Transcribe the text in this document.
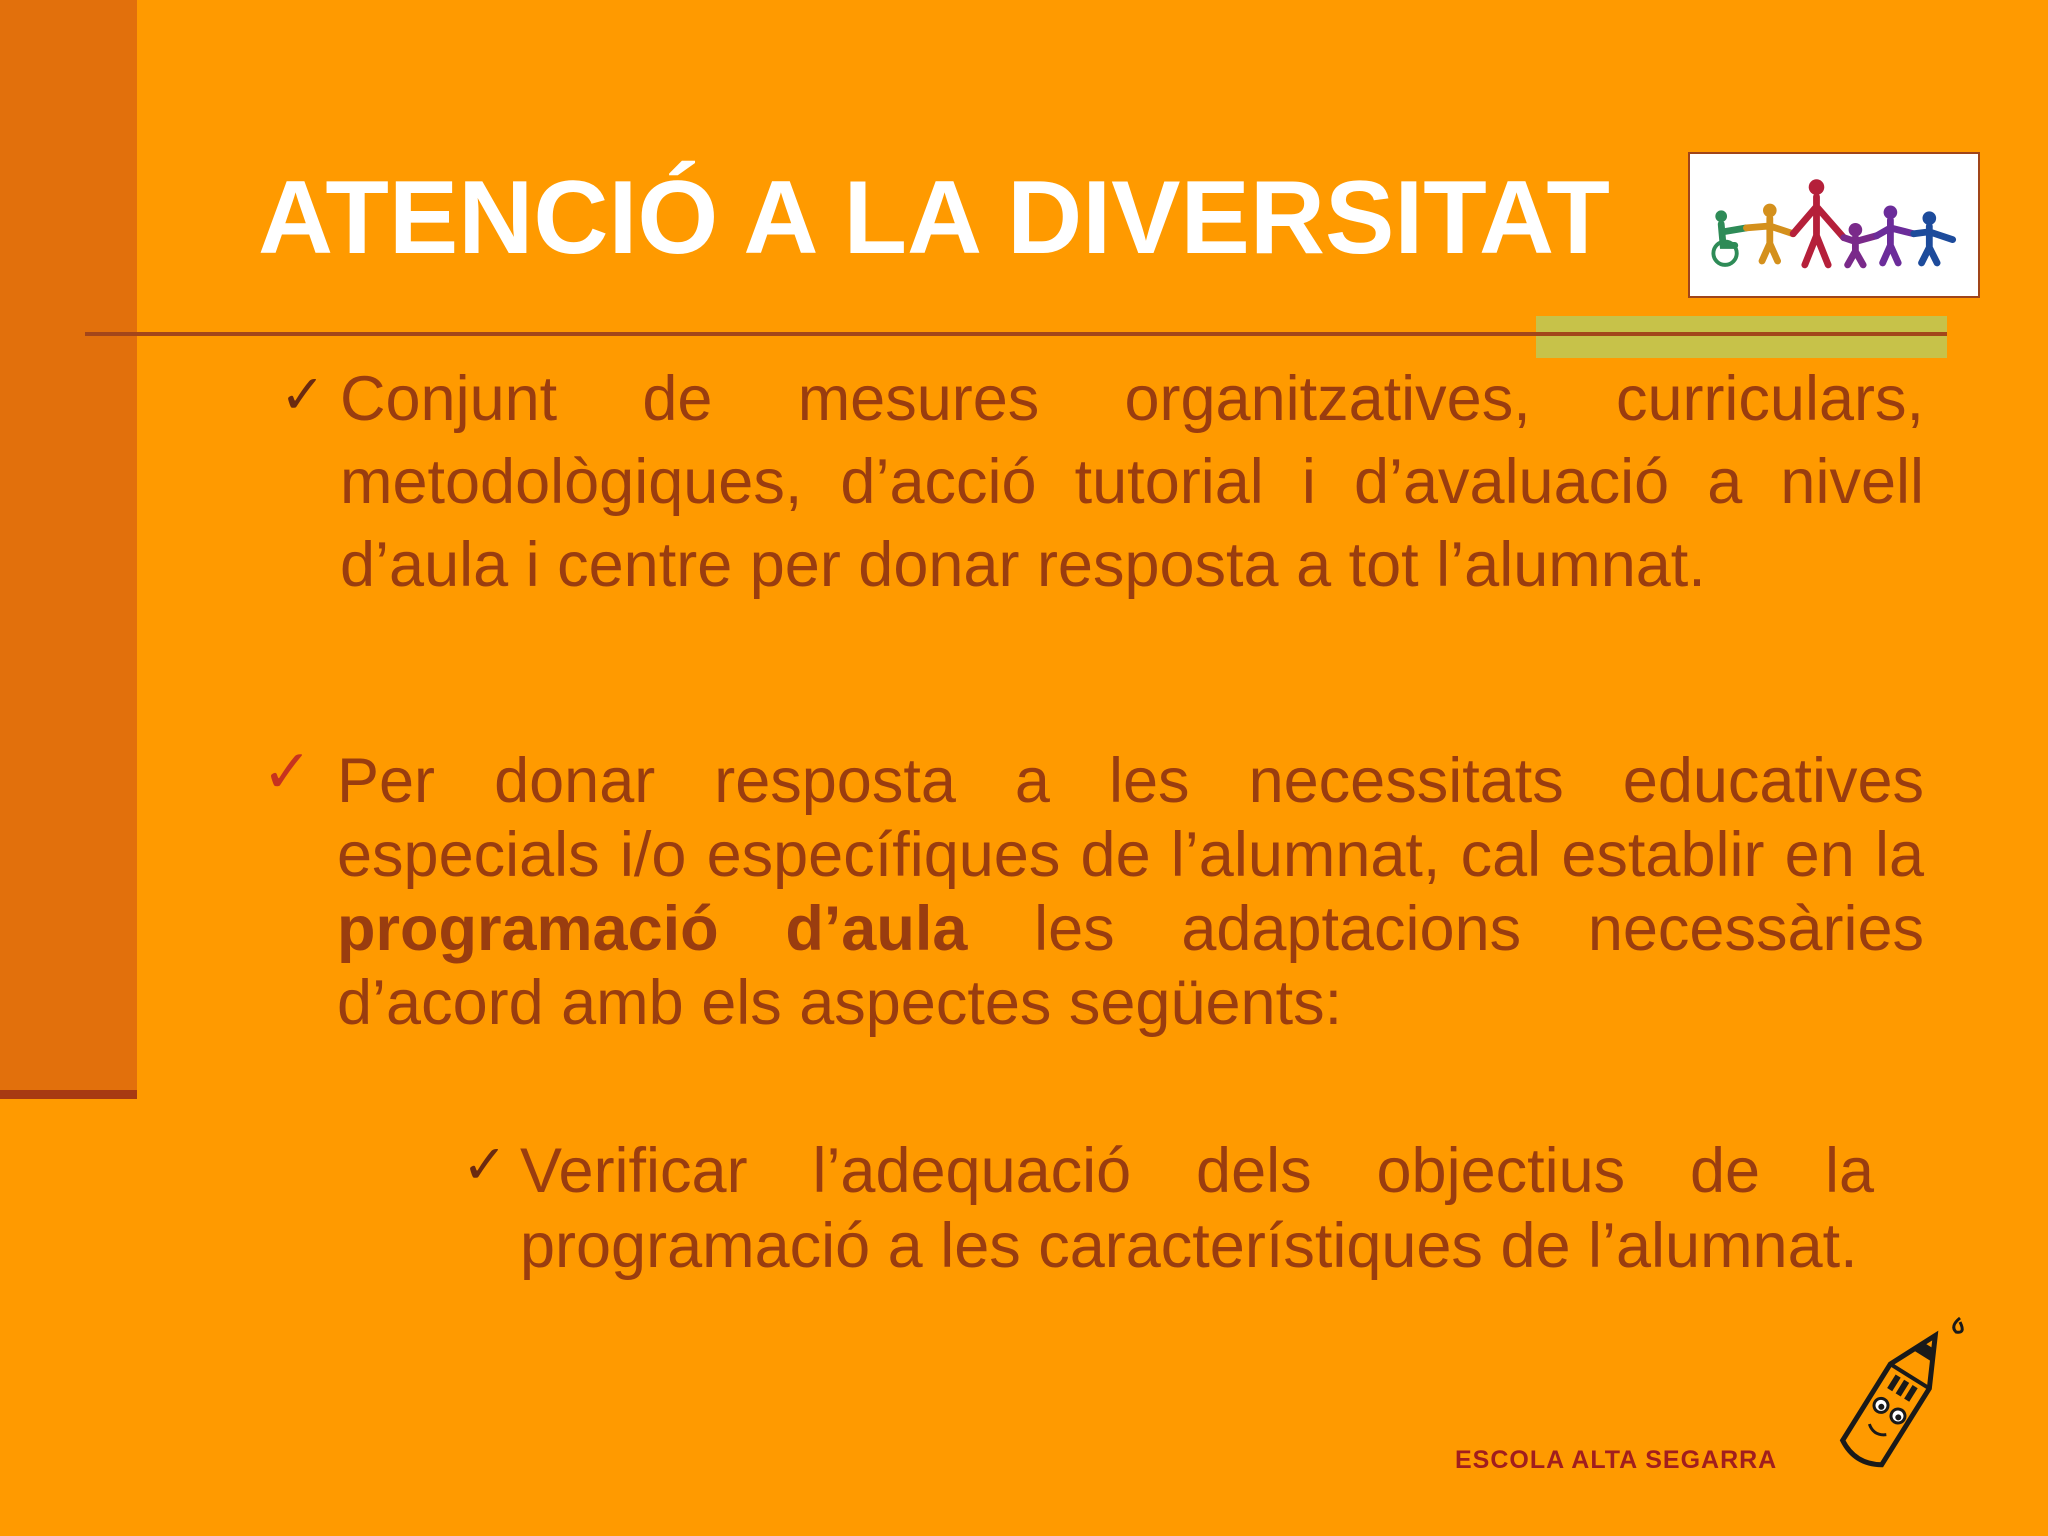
ATENCIÓ A LA DIVERSITAT
✓ Conjunt de mesures organitzatives, curriculars, metodològiques, d’acció tutorial i d’avaluació a nivell d’aula i centre per donar resposta a tot l’alumnat.

✓ Per donar resposta a les necessitats educatives especials i/o específiques de l’alumnat, cal establir en la programació d’aula les adaptacions necessàries d’acord amb els aspectes següents:

✓ Verificar l’adequació dels objectius de la programació a les característiques de l’alumnat.

ESCOLA ALTA SEGARRA
